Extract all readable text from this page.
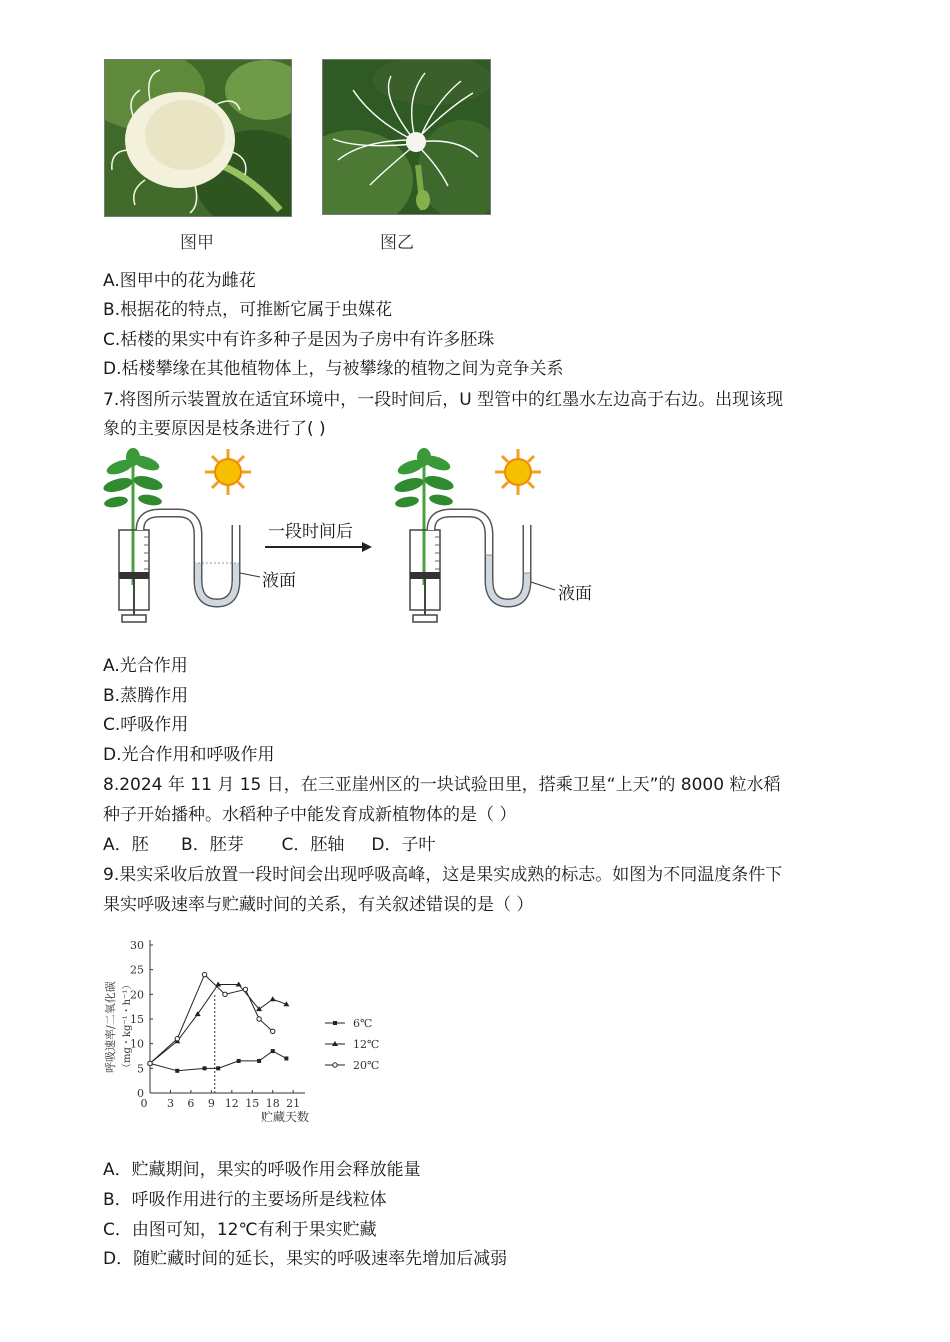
图甲	图乙
A.图甲中的花为雌花
B.根据花的特点，可推断它属于虫媒花
C.栝楼的果实中有许多种子是因为子房中有许多胚珠
D.栝楼攀缘在其他植物体上，与被攀缘的植物之间为竞争关系
7.将图所示装置放在适宜环境中，一段时间后，U 型管中的红墨水左边高于右边。出现该现
象的主要原因是枝条进行了( )
一段时间后
液面
液面
A.光合作用
B.蒸腾作用
C.呼吸作用
D.光合作用和呼吸作用
8.2024 年 11 月 15 日，在三亚崖州区的一块试验田里，搭乘卫星“上天”的 8000 粒水稻
种子开始播种。水稻种子中能发育成新植物体的是（ ）
A．胚      B．胚芽       C．胚轴     D．子叶
9.果实采收后放置一段时间会出现呼吸高峰，这是果实成熟的标志。如图为不同温度条件下
果实呼吸速率与贮藏时间的关系，有关叙述错误的是（ ）
0
5
10
15
20
25
30
0 3 6 9 12 15 18 21
贮藏天数
呼吸速率/二氧化碳 （mg・kg⁻¹・h⁻¹）	6℃
12℃
20℃
A．贮藏期间，果实的呼吸作用会释放能量
B．呼吸作用进行的主要场所是线粒体
C．由图可知，12℃有利于果实贮藏
D．随贮藏时间的延长，果实的呼吸速率先增加后减弱
